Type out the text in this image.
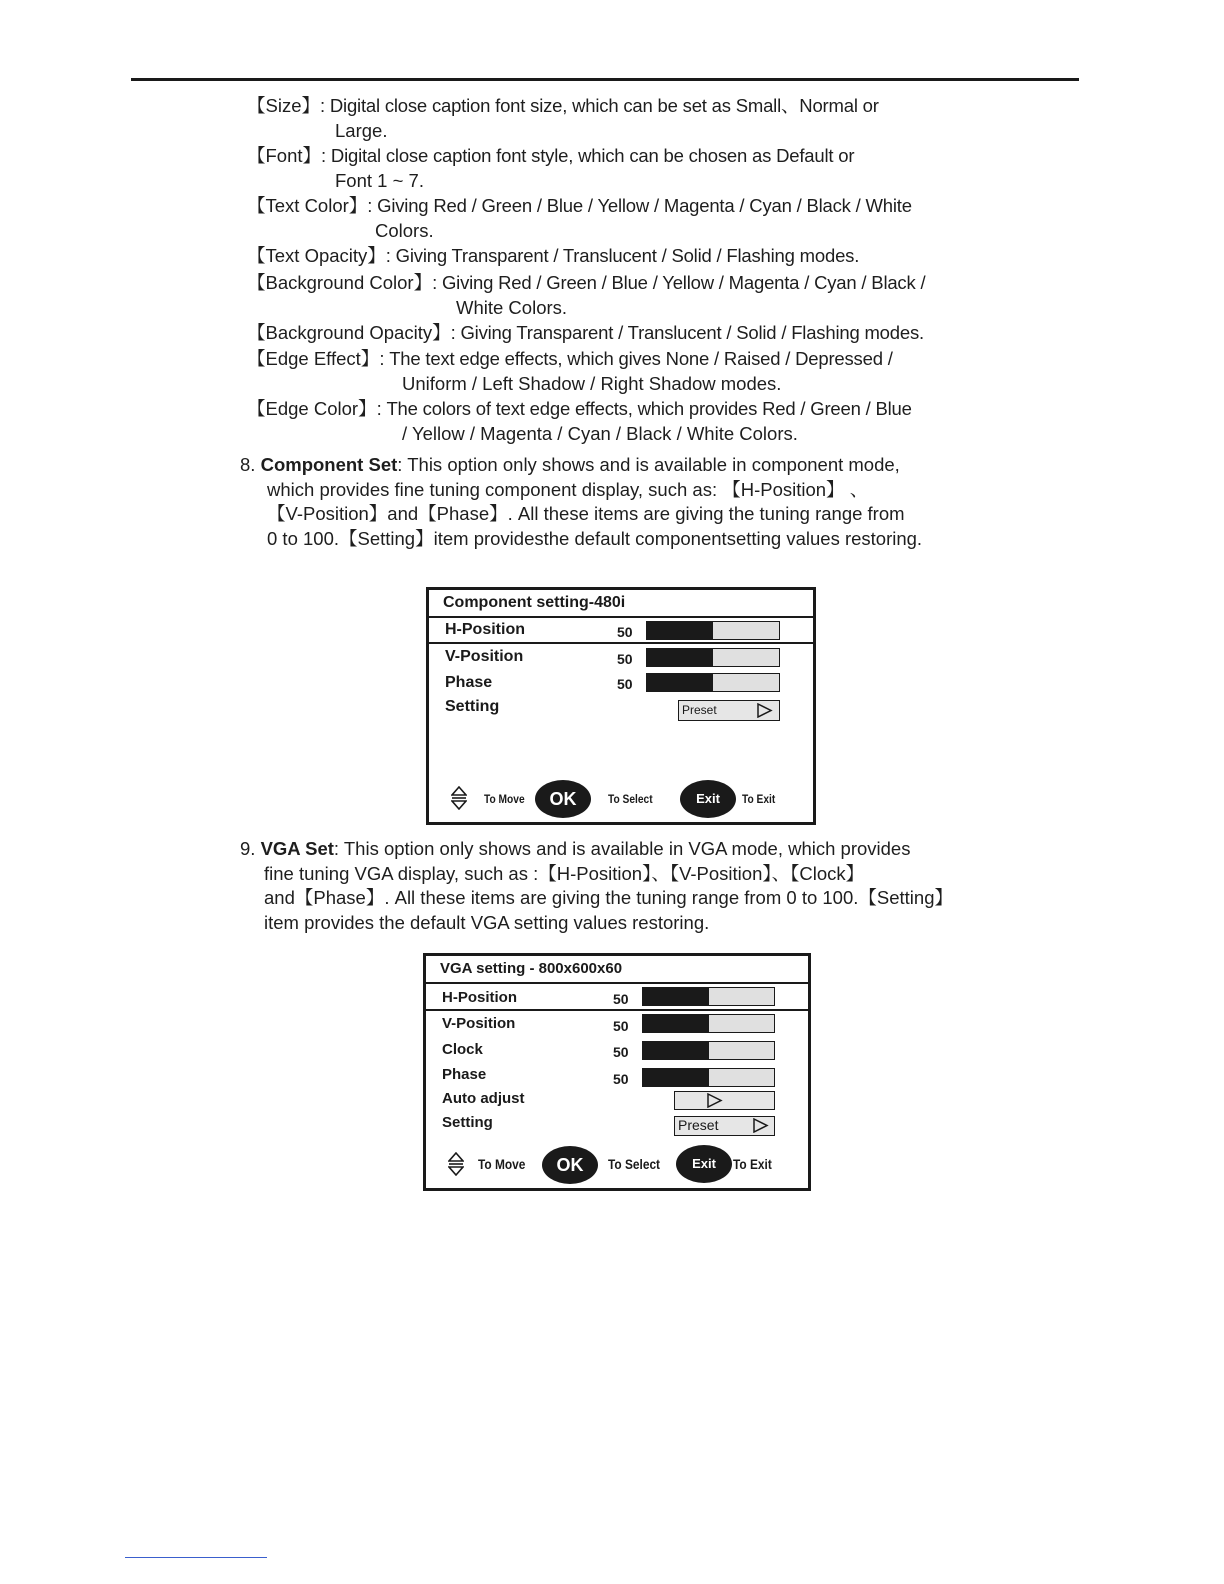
【Size】: Digital close caption font size, which can be set as Small、Normal or
Large.
【Font】: Digital close caption font style, which can be chosen as Default or
Font 1 ~ 7.
【Text Color】: Giving Red / Green / Blue / Yellow / Magenta / Cyan / Black / White
Colors.
【Text Opacity】: Giving Transparent / Translucent / Solid / Flashing modes.
【Background Color】: Giving Red / Green / Blue / Yellow / Magenta / Cyan / Black /
White Colors.
【Background Opacity】: Giving Transparent / Translucent / Solid / Flashing modes.
【Edge Effect】: The text edge effects, which gives None / Raised / Depressed /
Uniform / Left Shadow / Right Shadow modes.
【Edge Color】: The colors of text edge effects, which provides Red / Green / Blue
/ Yellow / Magenta / Cyan / Black / White Colors.
8. Component Set: This option only shows and is available in component mode,
which provides fine tuning component display, such as: 【H-Position】 、
【V-Position】and【Phase】. All these items are giving the tuning range from
0 to 100.【Setting】item providesthe default componentsetting values restoring.
Component setting-480i
H-Position	50
V-Position	50
Phase	50
Setting	Preset
To Move	OK	To Select	Exit	To Exit
9. VGA Set: This option only shows and is available in VGA mode, which provides
fine tuning VGA display, such as :【H-Position】、【V-Position】、【Clock】
and【Phase】. All these items are giving the tuning range from 0 to 100.【Setting】
item provides the default VGA setting values restoring.
VGA setting - 800x600x60
H-Position	50
V-Position	50
Clock	50
Phase	50
Auto adjust
Setting	Preset
To Move	OK	To Select	Exit	To Exit
